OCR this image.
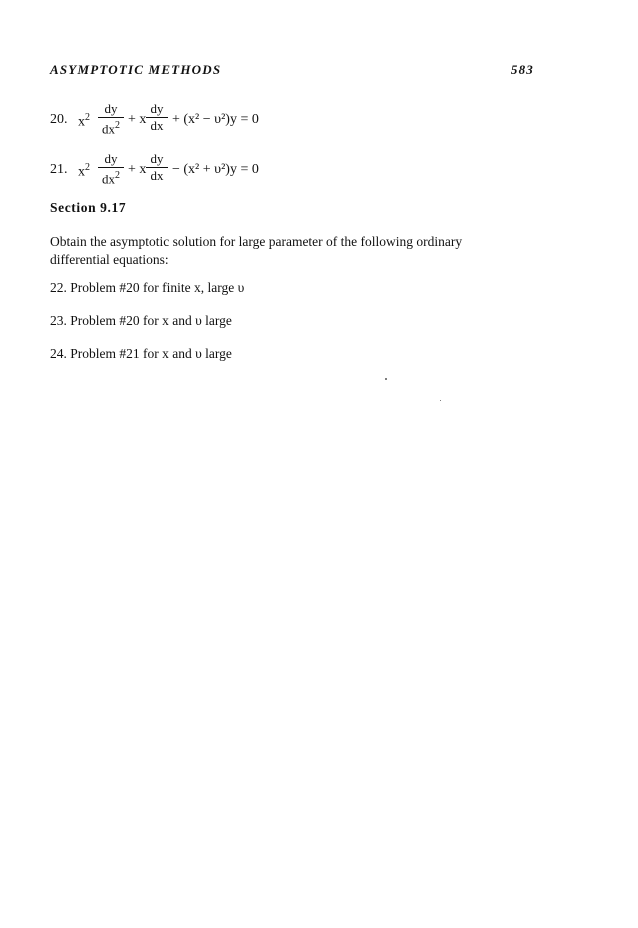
ASYMPTOTIC METHODS	583
20. $x^2$
dy
$dx^2 + x$
dy
dx + (x² − υ²)y = 0
21. $x^2$
dy
$dx^2 + x$
dy
dx − (x² + υ²)y = 0
Section 9.17
Obtain the asymptotic solution for large parameter of the following ordinary differential equations:
22. Problem #20 for finite x, large υ
23. Problem #20 for x and υ large
24. Problem #21 for x and υ large
